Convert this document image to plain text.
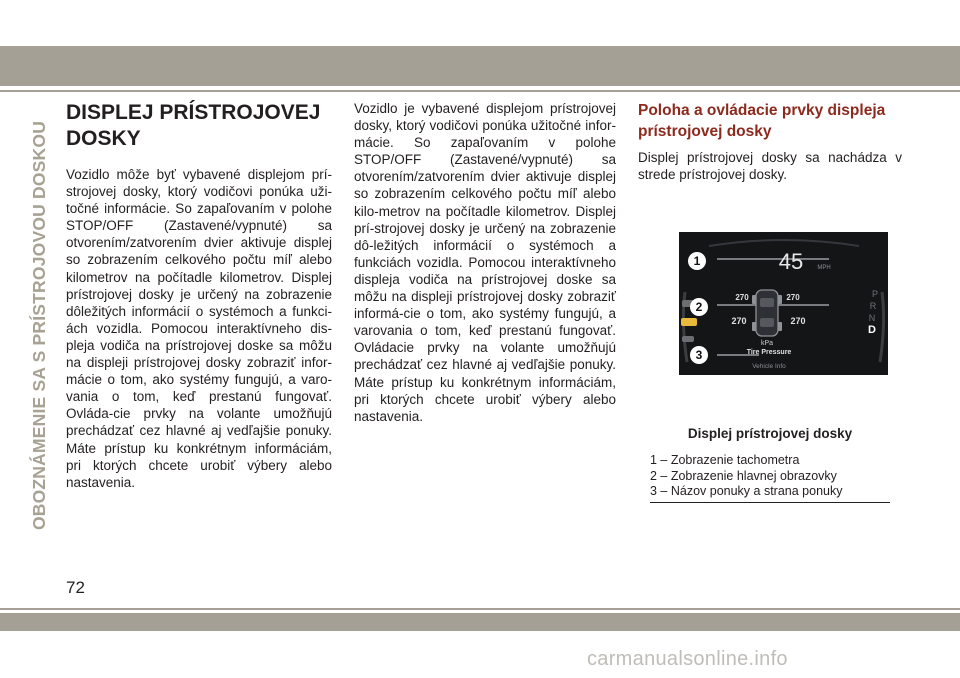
OBOZNÁMENIE SA S PRÍSTROJOVOU DOSKOU
DISPLEJ PRÍSTROJOVEJ
DOSKY

Vozidlo môže byť vybavené displejom prí-strojovej dosky, ktorý vodičovi ponúka uži-točné informácie. So zapaľovaním v polohe STOP/OFF (Zastavené/vypnuté) sa otvorením/zatvorením dvier aktivuje displej so zobrazením celkového počtu míľ alebo kilometrov na počítadle kilometrov. Displej prístrojovej dosky je určený na zobrazenie dôležitých informácií o systémoch a funkci-ách vozidla. Pomocou interaktívneho dis-pleja vodiča na prístrojovej doske sa môžu na displeji prístrojovej dosky zobraziť infor-mácie o tom, ako systémy fungujú, a varo-vania o tom, keď prestanú fungovať. Ovláda-cie prvky na volante umožňujú prechádzať cez hlavné aj vedľajšie ponuky. Máte prístup ku konkrétnym informáciám, pri ktorých chcete urobiť výbery alebo nastavenia.

Vozidlo je vybavené displejom prístrojovej dosky, ktorý vodičovi ponúka užitočné infor-mácie. So zapaľovaním v polohe STOP/OFF (Zastavené/vypnuté) sa otvorením/zatvorením dvier aktivuje displej so zobrazením celkového počtu míľ alebo kilo-metrov na počítadle kilometrov. Displej prí-strojovej dosky je určený na zobrazenie dô-ležitých informácií o systémoch a funkciách vozidla. Pomocou interaktívneho displeja vodiča na prístrojovej doske sa môžu na displeji prístrojovej dosky zobraziť informá-cie o tom, ako systémy fungujú, a varovania o tom, keď prestanú fungovať. Ovládacie prvky na volante umožňujú prechádzať cez hlavné aj vedľajšie ponuky. Máte prístup ku konkrétnym informáciám, pri ktorých chcete urobiť výbery alebo nastavenia.

Poloha a ovládacie prvky displeja
prístrojovej dosky

Displej prístrojovej dosky sa nachádza v strede prístrojovej dosky.

45 MPH
270	270
270	270
kPa
Tire Pressure
Vehicle Info
1
2
3
P
R
N
D
Displej prístrojovej dosky
1 – Zobrazenie tachometra
2 – Zobrazenie hlavnej obrazovky
3 – Názov ponuky a strana ponuky
72
carmanualsonline.info
